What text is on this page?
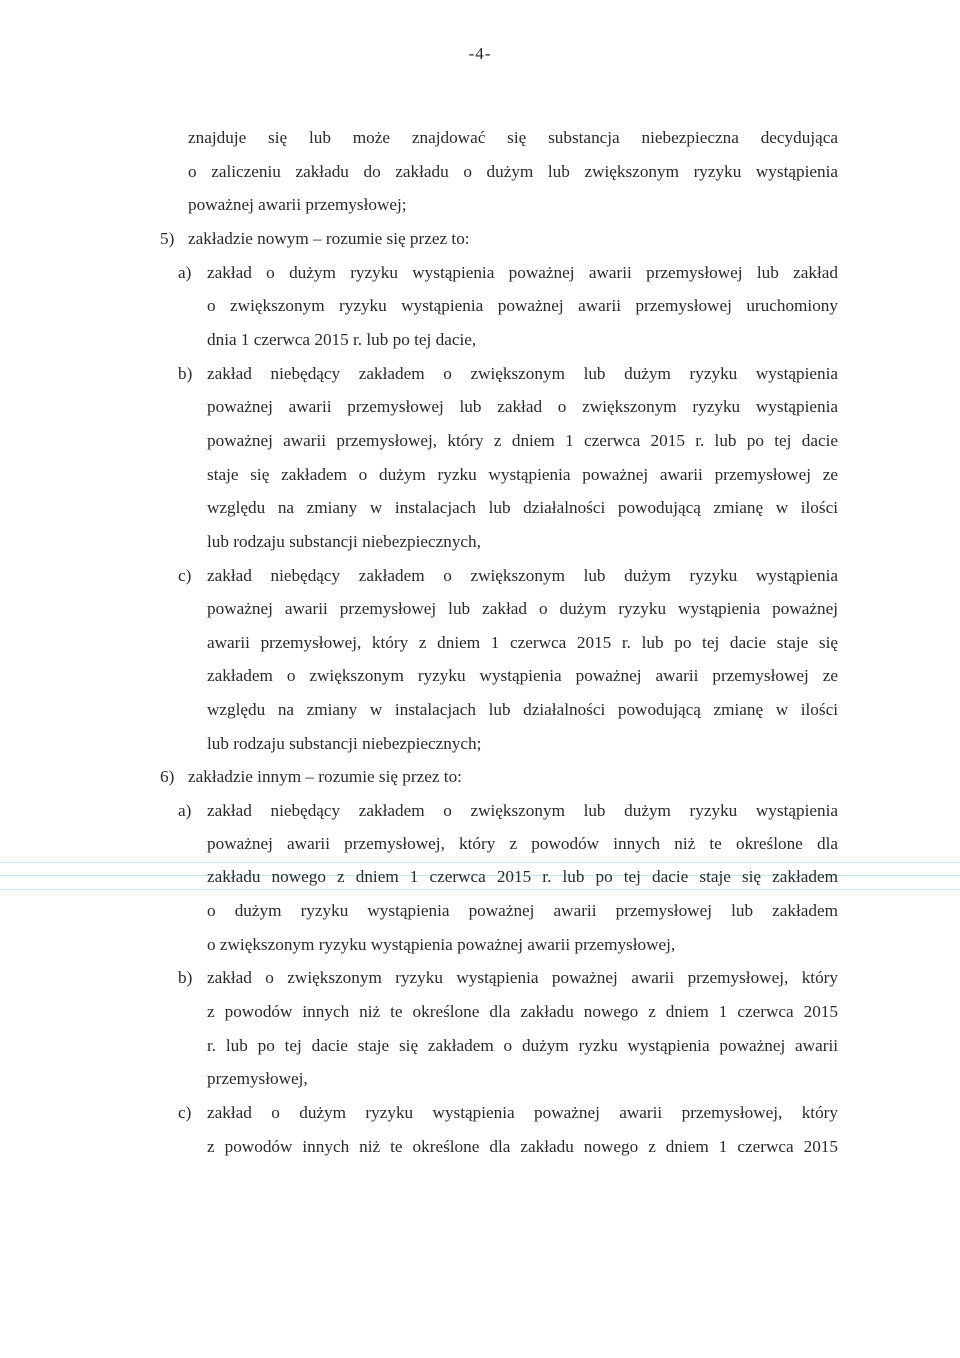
-4-
znajduje się lub może znajdować się substancja niebezpieczna decydująca
o zaliczeniu zakładu do zakładu o dużym lub zwiększonym ryzyku wystąpienia
poważnej awarii przemysłowej;
5) zakładzie nowym – rozumie się przez to:
a) zakład o dużym ryzyku wystąpienia poważnej awarii przemysłowej lub zakład
o zwiększonym ryzyku wystąpienia poważnej awarii przemysłowej uruchomiony
dnia 1 czerwca 2015 r. lub po tej dacie,
b) zakład niebędący zakładem o zwiększonym lub dużym ryzyku wystąpienia
poważnej awarii przemysłowej lub zakład o zwiększonym ryzyku wystąpienia
poważnej awarii przemysłowej, który z dniem 1 czerwca 2015 r. lub po tej dacie
staje się zakładem o dużym ryzku wystąpienia poważnej awarii przemysłowej ze
względu na zmiany w instalacjach lub działalności powodującą zmianę w ilości
lub rodzaju substancji niebezpiecznych,
c) zakład niebędący zakładem o zwiększonym lub dużym ryzyku wystąpienia
poważnej awarii przemysłowej lub zakład o dużym ryzyku wystąpienia poważnej
awarii przemysłowej, który z dniem 1 czerwca 2015 r. lub po tej dacie staje się
zakładem o zwiększonym ryzyku wystąpienia poważnej awarii przemysłowej ze
względu na zmiany w instalacjach lub działalności powodującą zmianę w ilości
lub rodzaju substancji niebezpiecznych;
6) zakładzie innym – rozumie się przez to:
a) zakład niebędący zakładem o zwiększonym lub dużym ryzyku wystąpienia
poważnej awarii przemysłowej, który z powodów innych niż te określone dla
zakładu nowego z dniem 1 czerwca 2015 r. lub po tej dacie staje się zakładem
o dużym ryzyku wystąpienia poważnej awarii przemysłowej lub zakładem
o zwiększonym ryzyku wystąpienia poważnej awarii przemysłowej,
b) zakład o zwiększonym ryzyku wystąpienia poważnej awarii przemysłowej, który
z powodów innych niż te określone dla zakładu nowego z dniem 1 czerwca 2015
r. lub po tej dacie staje się zakładem o dużym ryzku wystąpienia poważnej awarii
przemysłowej,
c) zakład o dużym ryzyku wystąpienia poważnej awarii przemysłowej, który
z powodów innych niż te określone dla zakładu nowego z dniem 1 czerwca 2015
